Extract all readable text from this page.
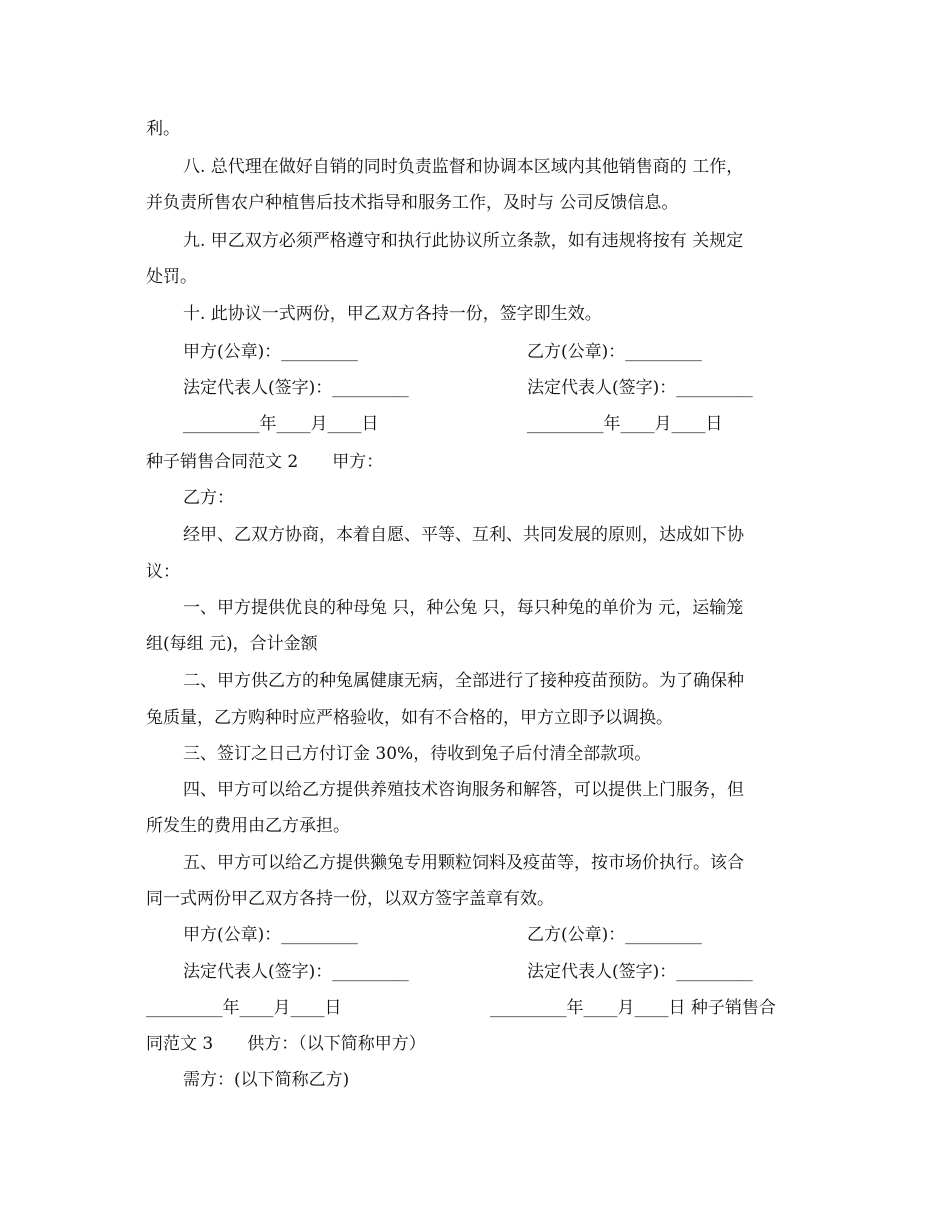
利。
八. 总代理在做好自销的同时负责监督和协调本区域内其他销售商的 工作，
并负责所售农户种植售后技术指导和服务工作，及时与 公司反馈信息。
九. 甲乙双方必须严格遵守和执行此协议所立条款，如有违规将按有 关规定
处罚。
十. 此协议一式两份，甲乙双方各持一份，签字即生效。
甲方(公章)：_________	乙方(公章)：_________
法定代表人(签字)：_________	法定代表人(签字)：_________
_________年____月____日	_________年____月____日
种子销售合同范文 2　　甲方：
乙方：
经甲、乙双方协商，本着自愿、平等、互利、共同发展的原则，达成如下协
议：
一、甲方提供优良的种母兔 只，种公兔 只，每只种兔的单价为 元，运输笼
组(每组 元)，合计金额
二、甲方供乙方的种兔属健康无病，全部进行了接种疫苗预防。为了确保种
兔质量，乙方购种时应严格验收，如有不合格的，甲方立即予以调换。
三、签订之日己方付订金 30%，待收到兔子后付清全部款项。
四、甲方可以给乙方提供养殖技术咨询服务和解答，可以提供上门服务，但
所发生的费用由乙方承担。
五、甲方可以给乙方提供獭兔专用颗粒饲料及疫苗等，按市场价执行。该合
同一式两份甲乙双方各持一份，以双方签字盖章有效。
甲方(公章)：_________	乙方(公章)：_________
法定代表人(签字)：_________	法定代表人(签字)：_________
_________年____月____日	_________年____月____日 种子销售合
同范文 3　　供方：（以下简称甲方）
需方：(以下简称乙方)
